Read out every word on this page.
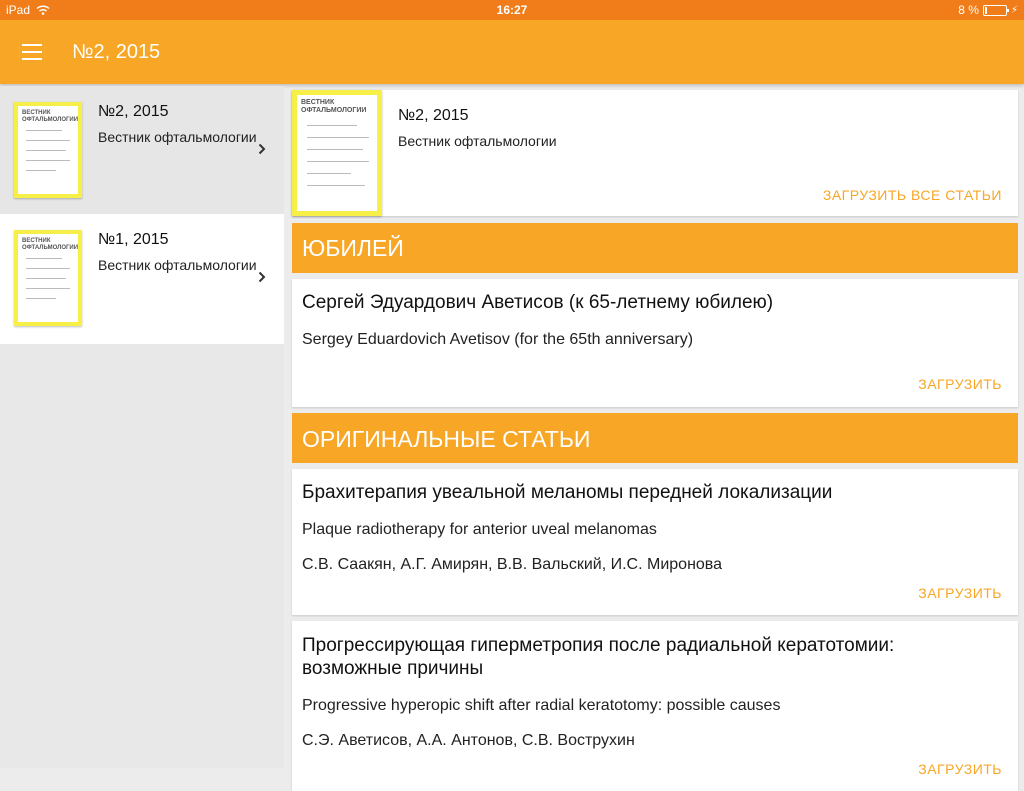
iPad	16:27	8 %	⚡
№2, 2015
ВЕСТНИК
ОФТАЛЬМОЛОГИИ №2, 2015
Вестник офтальмологии
ВЕСТНИК
ОФТАЛЬМОЛОГИИ №1, 2015
Вестник офтальмологии
ВЕСТНИК
ОФТАЛЬМОЛОГИИ №2, 2015
Вестник офтальмологии
ЗАГРУЗИТЬ ВСЕ СТАТЬИ
ЮБИЛЕЙ
Сергей Эдуардович Аветисов (к 65-летнему юбилею)
Sergey Eduardovich Avetisov (for the 65th anniversary)
ЗАГРУЗИТЬ
ОРИГИНАЛЬНЫЕ СТАТЬИ
Брахитерапия увеальной меланомы передней локализации
Plaque radiotherapy for anterior uveal melanomas
С.В. Саакян, А.Г. Амирян, В.В. Вальский, И.С. Миронова
ЗАГРУЗИТЬ
Прогрессирующая гиперметропия после радиальной кератотомии: возможные причины
Progressive hyperopic shift after radial keratotomy: possible causes
С.Э. Аветисов, А.А. Антонов, С.В. Вострухин
ЗАГРУЗИТЬ
